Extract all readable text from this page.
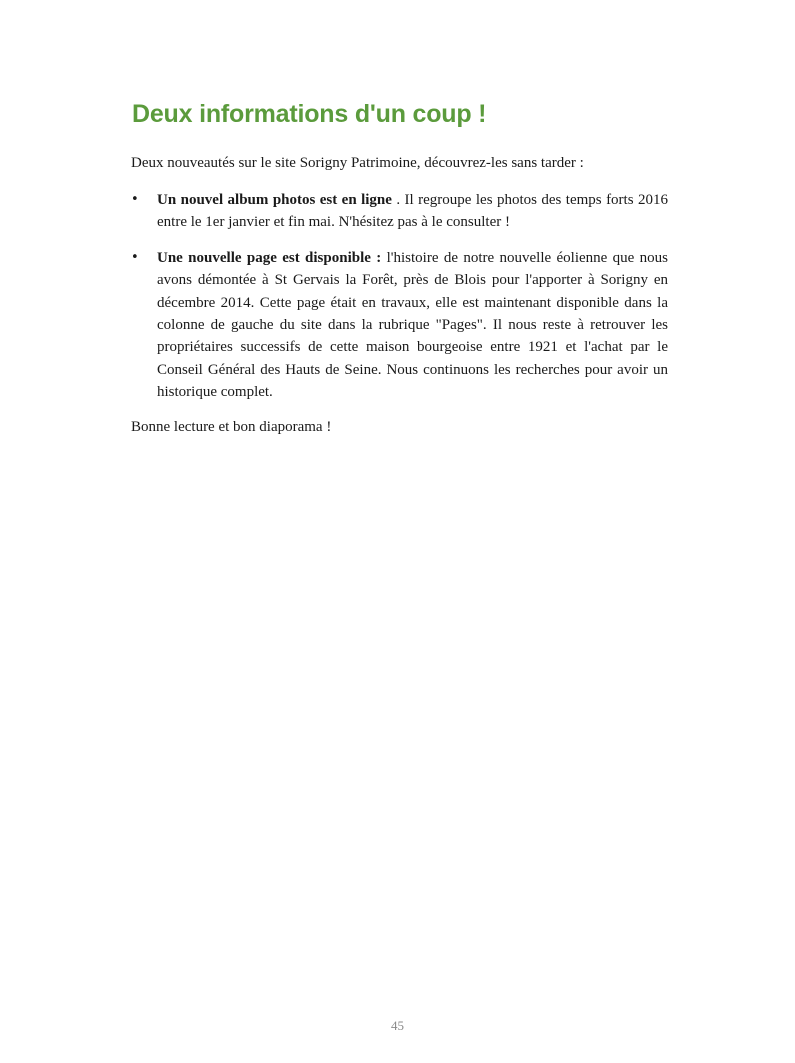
Deux informations d'un coup !

Deux nouveautés sur le site Sorigny Patrimoine, découvrez-les sans tarder :

• Un nouvel album photos est en ligne . Il regroupe les photos des temps forts 2016 entre le 1er janvier et fin mai. N'hésitez pas à le consulter !
• Une nouvelle page est disponible : l'histoire de notre nouvelle éolienne que nous avons démontée à St Gervais la Forêt, près de Blois pour l'apporter à Sorigny en décembre 2014. Cette page était en travaux, elle est maintenant disponible dans la colonne de gauche du site dans la rubrique "Pages". Il nous reste à retrouver les propriétaires successifs de cette maison bourgeoise entre 1921 et l'achat par le Conseil Général des Hauts de Seine. Nous continuons les recherches pour avoir un historique complet.

Bonne lecture et bon diaporama !

45
